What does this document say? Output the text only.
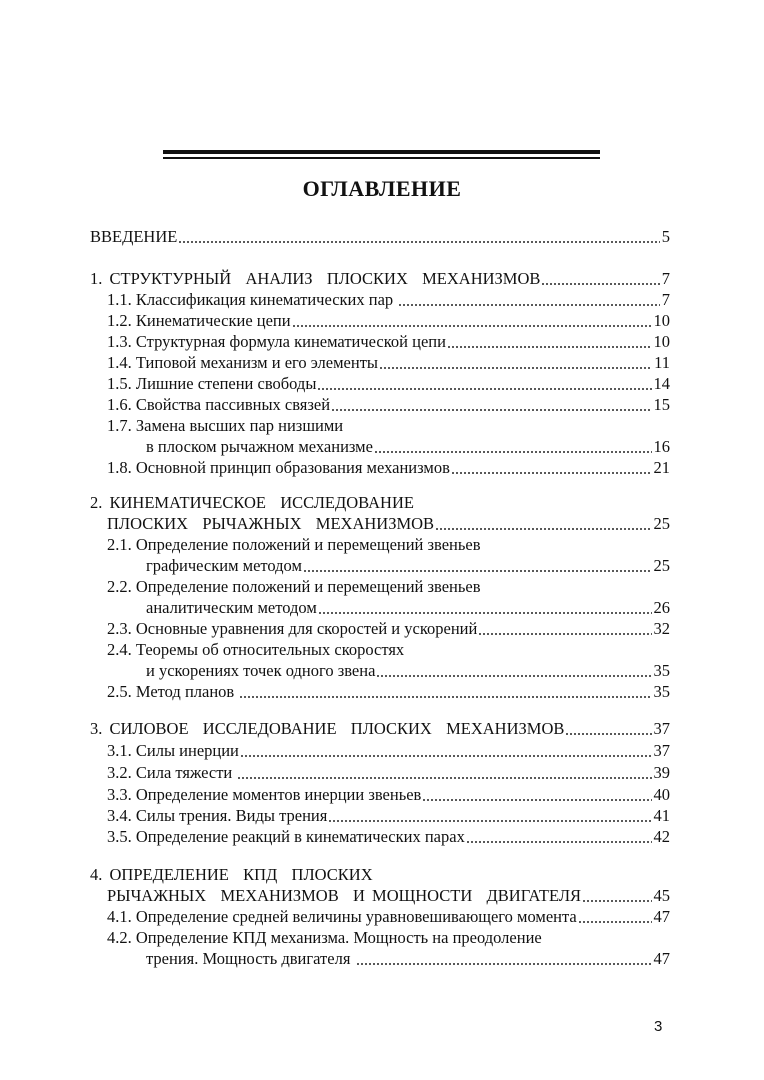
ОГЛАВЛЕНИЕ
ВВЕДЕНИЕ	5
1. СТРУКТУРНЫЙ  АНАЛИЗ  ПЛОСКИХ  МЕХАНИЗМОВ	7
1.1. Классификация кинематических пар	7
1.2. Кинематические цепи	10
1.3. Структурная формула кинематической цепи	10
1.4. Типовой механизм и его элементы	11
1.5. Лишние степени свободы	14
1.6. Свойства пассивных связей	15
1.7. Замена высших пар низшими
в плоском рычажном механизме	16
1.8. Основной принцип образования механизмов	21
2. КИНЕМАТИЧЕСКОЕ  ИССЛЕДОВАНИЕ
ПЛОСКИХ  РЫЧАЖНЫХ  МЕХАНИЗМОВ	25
2.1. Определение положений и перемещений звеньев
графическим методом	25
2.2. Определение положений и перемещений звеньев
аналитическим методом	26
2.3. Основные уравнения для скоростей и ускорений	32
2.4. Теоремы об относительных скоростях
и ускорениях точек одного звена	35
2.5. Метод планов	35
3. СИЛОВОЕ  ИССЛЕДОВАНИЕ  ПЛОСКИХ  МЕХАНИЗМОВ	37
3.1. Силы инерции	37
3.2. Сила тяжести	39
3.3. Определение моментов инерции звеньев	40
3.4. Силы трения. Виды трения	41
3.5. Определение реакций в кинематических парах	42
4. ОПРЕДЕЛЕНИЕ  КПД  ПЛОСКИХ
РЫЧАЖНЫХ  МЕХАНИЗМОВ  И МОЩНОСТИ  ДВИГАТЕЛЯ	45
4.1. Определение средней величины уравновешивающего момента	47
4.2. Определение КПД механизма. Мощность на преодоление
трения. Мощность двигателя	47
3
